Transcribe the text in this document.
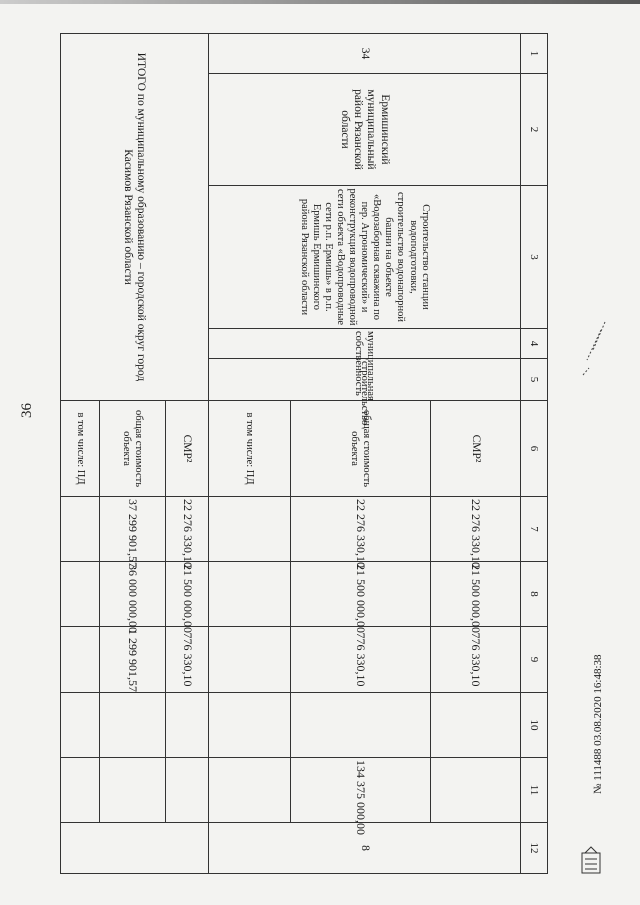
36
1	2	3	4	5	6	7	8	9	10	11	12
34	Ермишинский муниципальный район Рязанской области	Строительство станции водоподготовки, строительство водонапорной башни на объекте «Водозаборная скважина по пер. Агрономический» и реконструкция водопроводной сети объекта «Водопроводные сети р.п. Ермишь» в р.п. Ермишь Ермишинского района Рязанской области	муниципальная собственность	строительство	СМР²	22 276 330,10	21 500 000,00	776 330,10			8
					общая стоимость объекта	22 276 330,10	21 500 000,00	776 330,10		134 375 000,00	
					в том числе: ПД						
ИТОГО по муниципальному образованию – городской округ город Касимов Рязанской области					СМР²	22 276 330,10	21 500 000,00	776 330,10			
					общая стоимость объекта	37 299 901,57	36 000 000,00	1 299 901,57			
					в том числе: ПД						
№ 111488 03.08.2020 16:48:38
